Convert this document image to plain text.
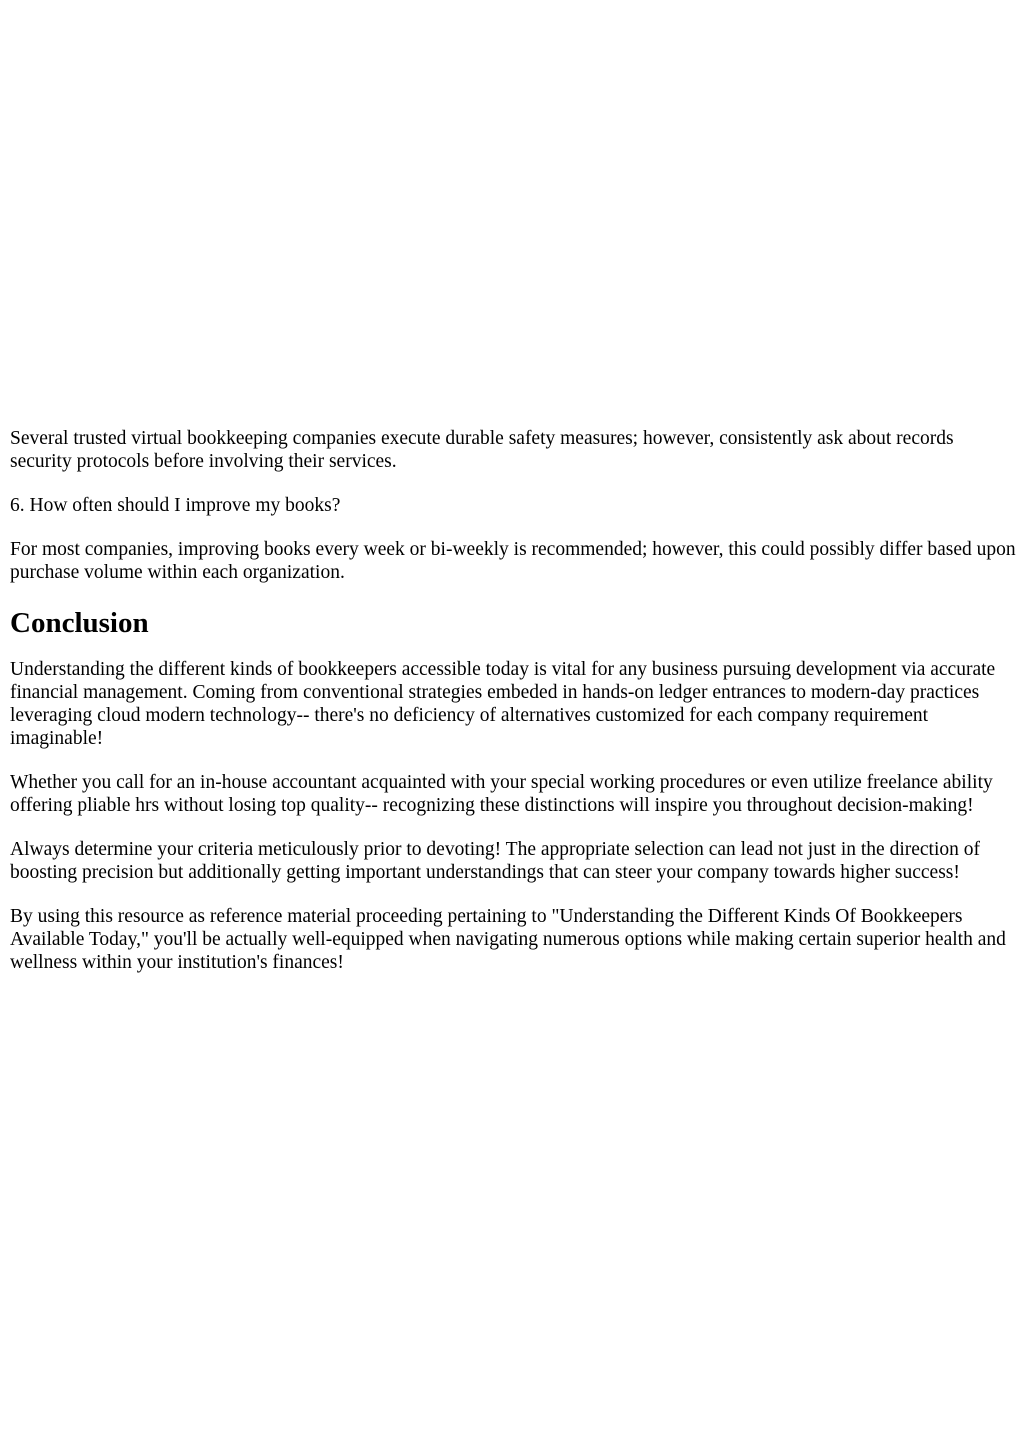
Several trusted virtual bookkeeping companies execute durable safety measures; however, consistently ask about records security protocols before involving their services.

6. How often should I improve my books?

For most companies, improving books every week or bi-weekly is recommended; however, this could possibly differ based upon purchase volume within each organization.

Conclusion

Understanding the different kinds of bookkeepers accessible today is vital for any business pursuing development via accurate financial management. Coming from conventional strategies embeded in hands-on ledger entrances to modern-day practices leveraging cloud modern technology-- there's no deficiency of alternatives customized for each company requirement imaginable!

Whether you call for an in-house accountant acquainted with your special working procedures or even utilize freelance ability offering pliable hrs without losing top quality-- recognizing these distinctions will inspire you throughout decision-making!

Always determine your criteria meticulously prior to devoting! The appropriate selection can lead not just in the direction of boosting precision but additionally getting important understandings that can steer your company towards higher success!

By using this resource as reference material proceeding pertaining to "Understanding the Different Kinds Of Bookkeepers Available Today," you'll be actually well-equipped when navigating numerous options while making certain superior health and wellness within your institution's finances!
